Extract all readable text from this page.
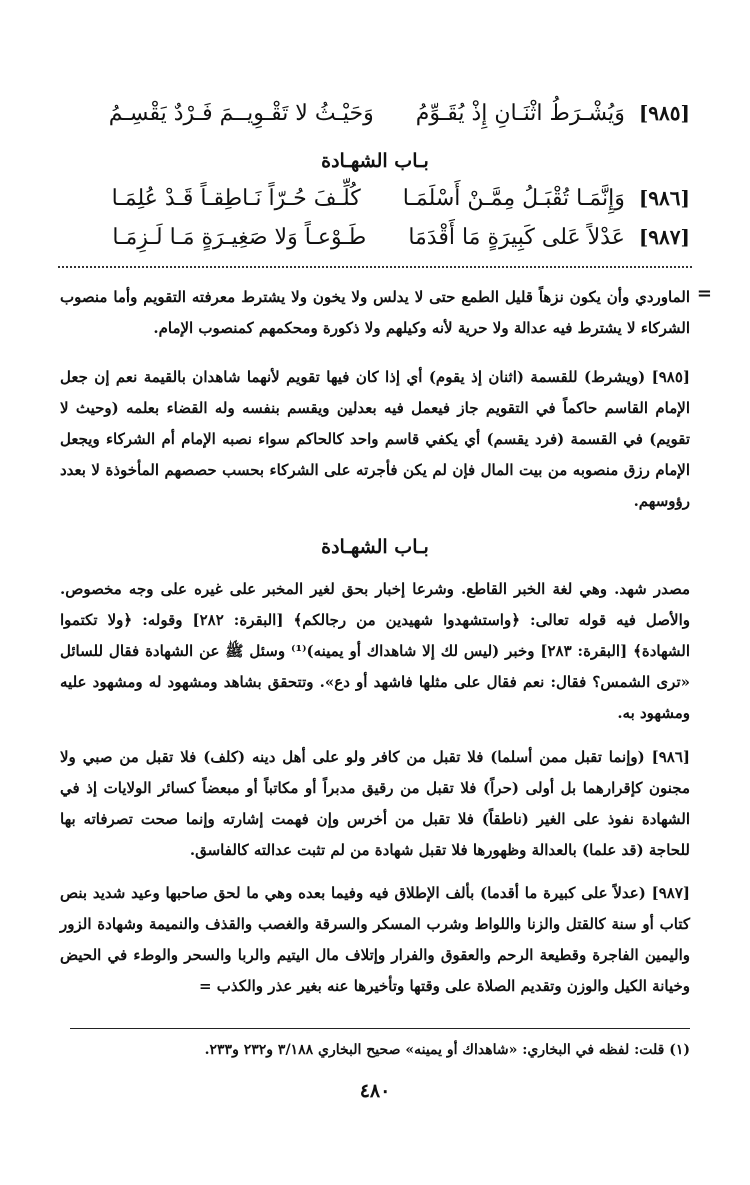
[٩٨٥]
وَيُشْـرَطُ اثْنَـانِ إِذْ يُقَـوِّمُ
وَحَيْـثُ لا تَقْـوِيــمَ فَـرْدٌ يَقْسِـمُ
بـاب الشهـادة
[٩٨٦]
وَإِنَّمَـا تُقْبَـلُ مِمَّـنْ أَسْلَمَـا
كُلِّـفَ حُـرّاً نَـاطِقـاً قَـدْ عُلِمَـا
[٩٨٧]
عَدْلاً عَلى كَبِيرَةٍ مَا أَقْدَمَا
طَـوْعـاً وَلا صَغِيـرَةٍ مَـا لَـزِمَـا
=

الماوردي وأن يكون نزهاً قليل الطمع حتى لا يدلس ولا يخون ولا يشترط معرفته التقويم وأما منصوب الشركاء لا يشترط فيه عدالة ولا حرية لأنه وكيلهم ولا ذكورة ومحكمهم كمنصوب الإمام.

[٩٨٥] (ويشرط) للقسمة (اثنان إذ يقوم) أي إذا كان فيها تقويم لأنهما شاهدان بالقيمة نعم إن جعل الإمام القاسم حاكماً في التقويم جاز فيعمل فيه بعدلين ويقسم بنفسه وله القضاء بعلمه (وحيث لا تقويم) في القسمة (فرد يقسم) أي يكفي قاسم واحد كالحاكم سواء نصبه الإمام أم الشركاء ويجعل الإمام رزق منصوبه من بيت المال فإن لم يكن فأجرته على الشركاء بحسب حصصهم المأخوذة لا بعدد رؤوسهم.

بـاب الشهـادة

مصدر شهد. وهي لغة الخبر القاطع. وشرعا إخبار بحق لغير المخبر على غيره على وجه مخصوص. والأصل فيه قوله تعالى: ﴿واستشهدوا شهيدين من رجالكم﴾ [البقرة: ٢٨٢] وقوله: ﴿ولا تكتموا الشهادة﴾ [البقرة: ٢٨٣] وخبر (ليس لك إلا شاهداك أو يمينه)⁽¹⁾ وسئل ﷺ عن الشهادة فقال للسائل «ترى الشمس؟ فقال: نعم فقال على مثلها فاشهد أو دع». وتتحقق بشاهد ومشهود له ومشهود عليه ومشهود به.

[٩٨٦] (وإنما تقبل ممن أسلما) فلا تقبل من كافر ولو على أهل دينه (كلف) فلا تقبل من صبي ولا مجنون كإقرارهما بل أولى (حراً) فلا تقبل من رقيق مدبراً أو مكاتباً أو مبعضاً كسائر الولايات إذ في الشهادة نفوذ على الغير (ناطقاً) فلا تقبل من أخرس وإن فهمت إشارته وإنما صحت تصرفاته بها للحاجة (قد علما) بالعدالة وظهورها فلا تقبل شهادة من لم تثبت عدالته كالفاسق.

[٩٨٧] (عدلاً على كبيرة ما أقدما) بألف الإطلاق فيه وفيما بعده وهي ما لحق صاحبها وعيد شديد بنص كتاب أو سنة كالقتل والزنا واللواط وشرب المسكر والسرقة والغصب والقذف والنميمة وشهادة الزور واليمين الفاجرة وقطيعة الرحم والعقوق والفرار وإتلاف مال اليتيم والربا والسحر والوطء في الحيض وخيانة الكيل والوزن وتقديم الصلاة على وقتها وتأخيرها عنه بغير عذر والكذب =

(١) قلت: لفظه في البخاري: «شاهداك أو يمينه» صحيح البخاري ٣/١٨٨ و٢٣٢ و٢٣٣.
٤٨٠
